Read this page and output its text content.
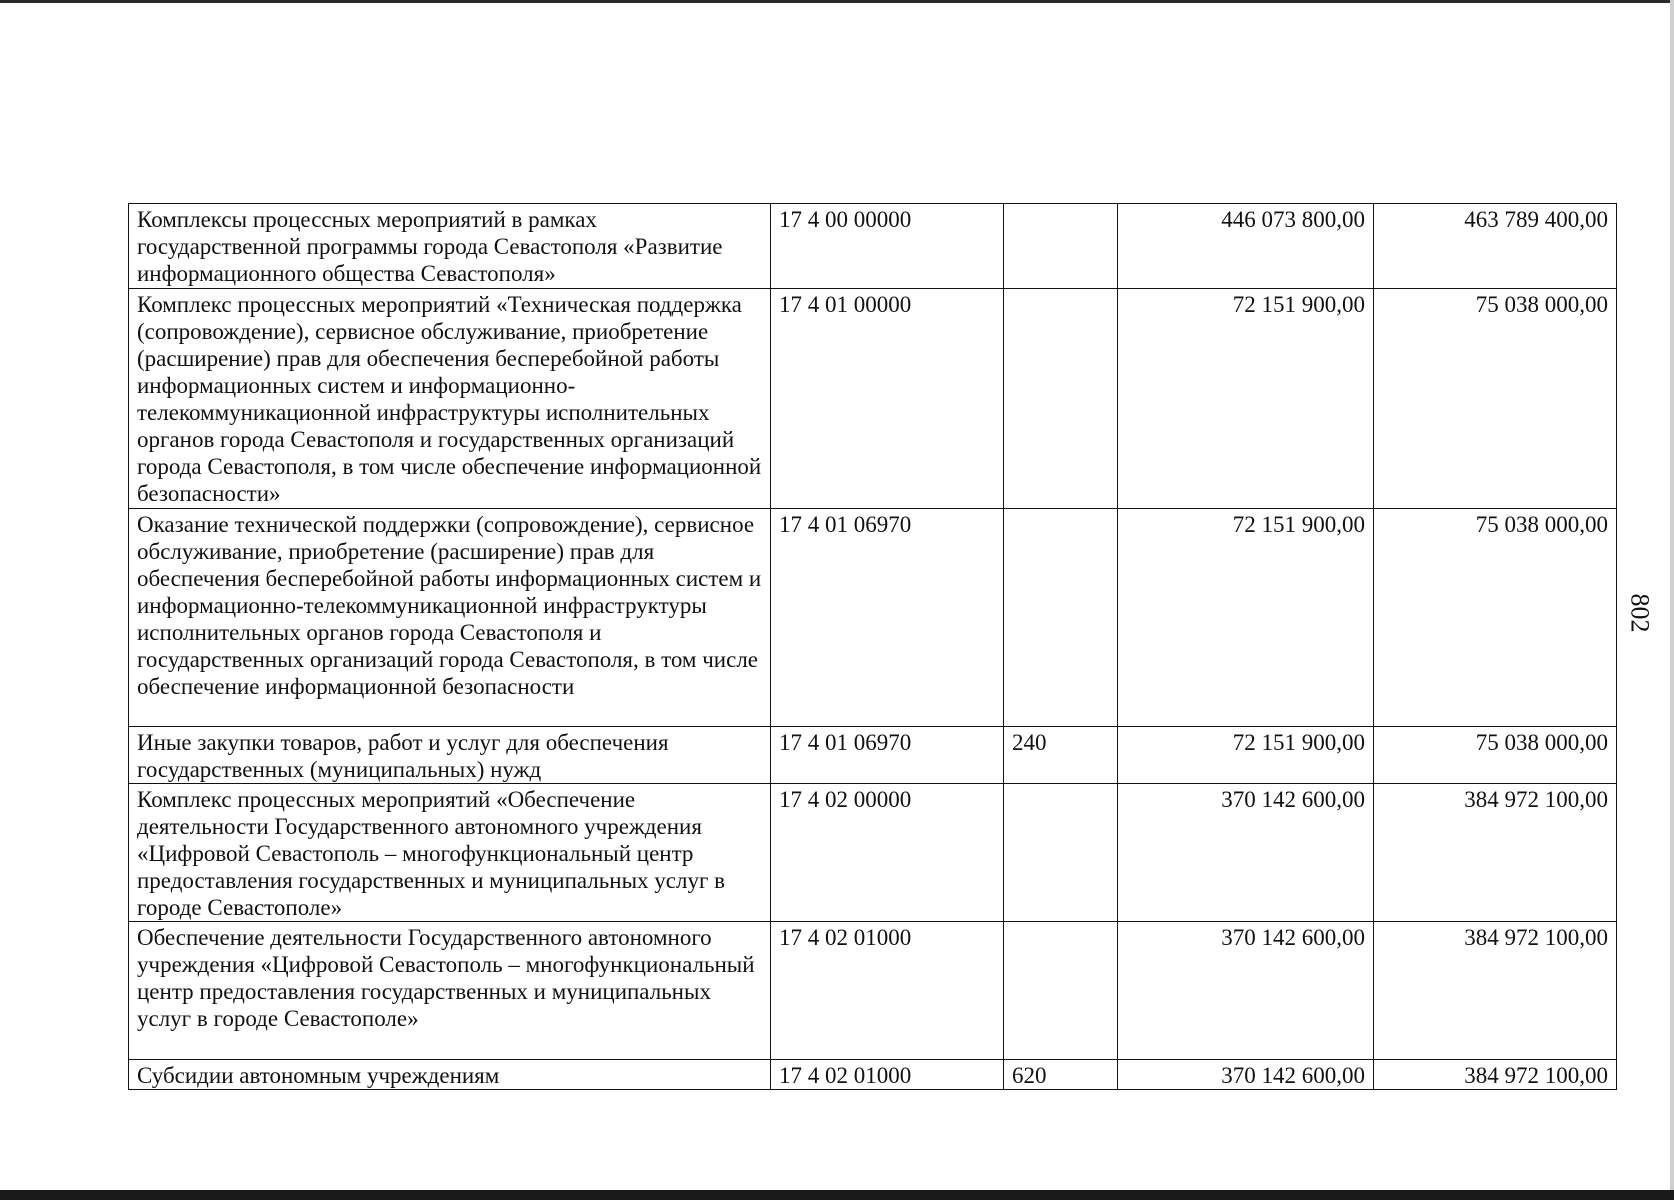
802
Комплексы процессных мероприятий в рамках государственной программы города Севастополя «Развитие информационного общества Севастополя»	17 4 00 00000		446 073 800,00	463 789 400,00
Комплекс процессных мероприятий «Техническая поддержка (сопровождение), сервисное обслуживание, приобретение (расширение) прав для обеспечения бесперебойной работы информационных систем и информационно-телекоммуникационной инфраструктуры исполнительных органов города Севастополя и государственных организаций города Севастополя, в том числе обеспечение информационной безопасности»	17 4 01 00000		72 151 900,00	75 038 000,00
Оказание технической поддержки (сопровождение), сервисное обслуживание, приобретение (расширение) прав для обеспечения бесперебойной работы информационных систем и информационно-телекоммуникационной инфраструктуры исполнительных органов города Севастополя и государственных организаций города Севастополя, в том числе обеспечение информационной безопасности	17 4 01 06970		72 151 900,00	75 038 000,00
Иные закупки товаров, работ и услуг для обеспечения государственных (муниципальных) нужд	17 4 01 06970	240	72 151 900,00	75 038 000,00
Комплекс процессных мероприятий «Обеспечение деятельности Государственного автономного учреждения «Цифровой Севастополь – многофункциональный центр предоставления государственных и муниципальных услуг в городе Севастополе»	17 4 02 00000		370 142 600,00	384 972 100,00
Обеспечение деятельности Государственного автономного учреждения «Цифровой Севастополь – многофункциональный центр предоставления государственных и муниципальных услуг в городе Севастополе»	17 4 02 01000		370 142 600,00	384 972 100,00
Субсидии автономным учреждениям	17 4 02 01000	620	370 142 600,00	384 972 100,00
